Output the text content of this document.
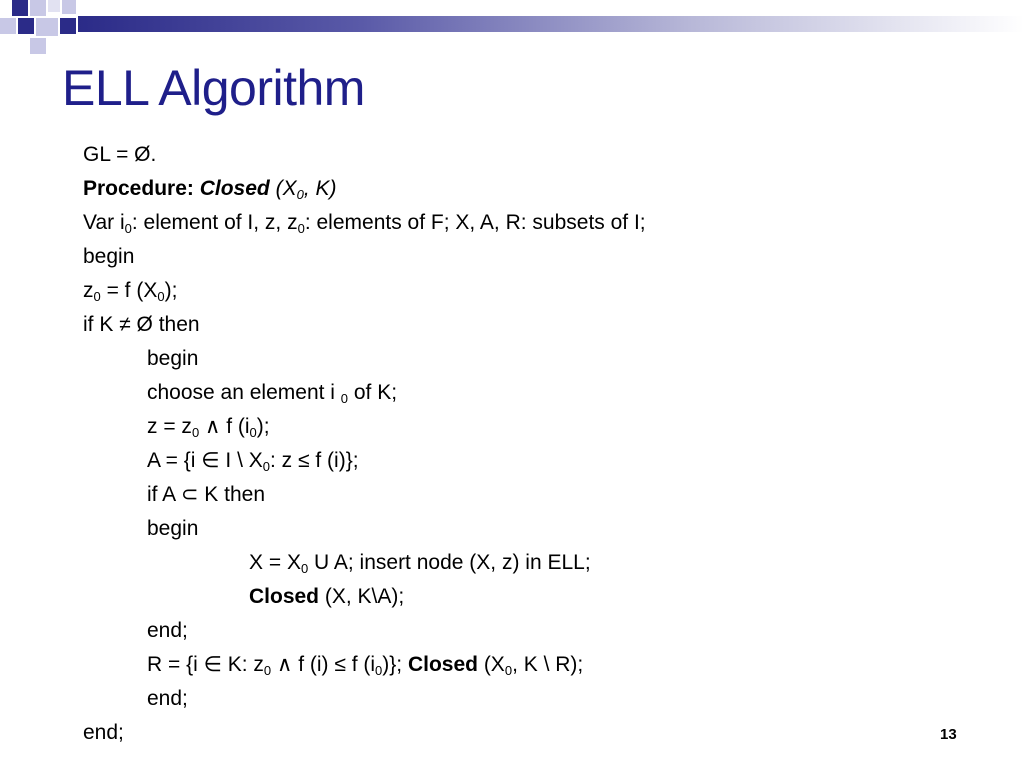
ELL Algorithm
GL = Ø.
Procedure: Closed ($X_0$, K)
Var $i_0$: element of I, z, $z_0$: elements of F; X, A, R: subsets of I;
begin
$z_0 = f$ $(X_0)$;
if K ≠ Ø then
begin
choose an element i $_0$ of K;
$z = z_0$ ∧ f $(i_0)$;
A = {i ∈ I \ $X_0$: z ≤ f (i)};
if A ⊂ K then
begin
$X = X_0$ U A; insert node (X, z) in ELL;
Closed (X, K\A);
end;
R = {i ∈ K: $z_0$ ∧ f (i) ≤ f $(i_0)$}; Closed ($X_0$, K \ R);
end;
end;	13
